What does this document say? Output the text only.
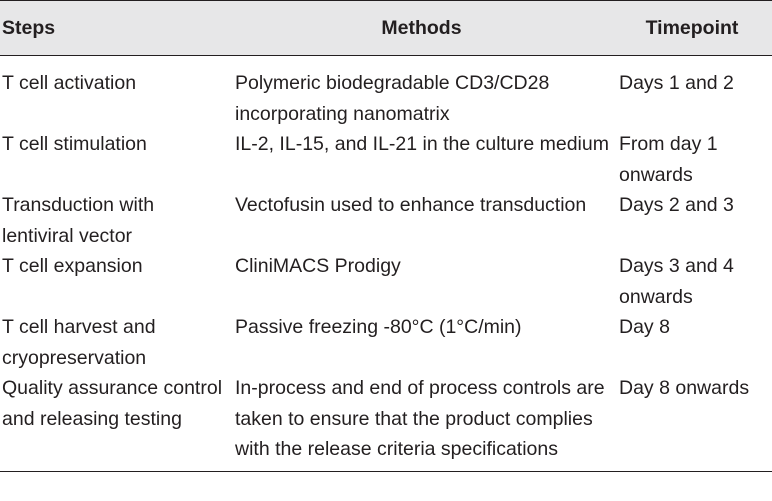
Steps	Methods	Timepoint
T cell activation	Polymeric biodegradable CD3/CD28 incorporating nanomatrix	Days 1 and 2
T cell stimulation	IL-2, IL-15, and IL-21 in the culture medium	From day 1 onwards
Transduction with lentiviral vector	Vectofusin used to enhance transduction	Days 2 and 3
T cell expansion	CliniMACS Prodigy	Days 3 and 4 onwards
T cell harvest and cryopreservation	Passive freezing -80°C (1°C/min)	Day 8
Quality assurance control and releasing testing	In-process and end of process controls are taken to ensure that the product complies with the release criteria specifications	Day 8 onwards
